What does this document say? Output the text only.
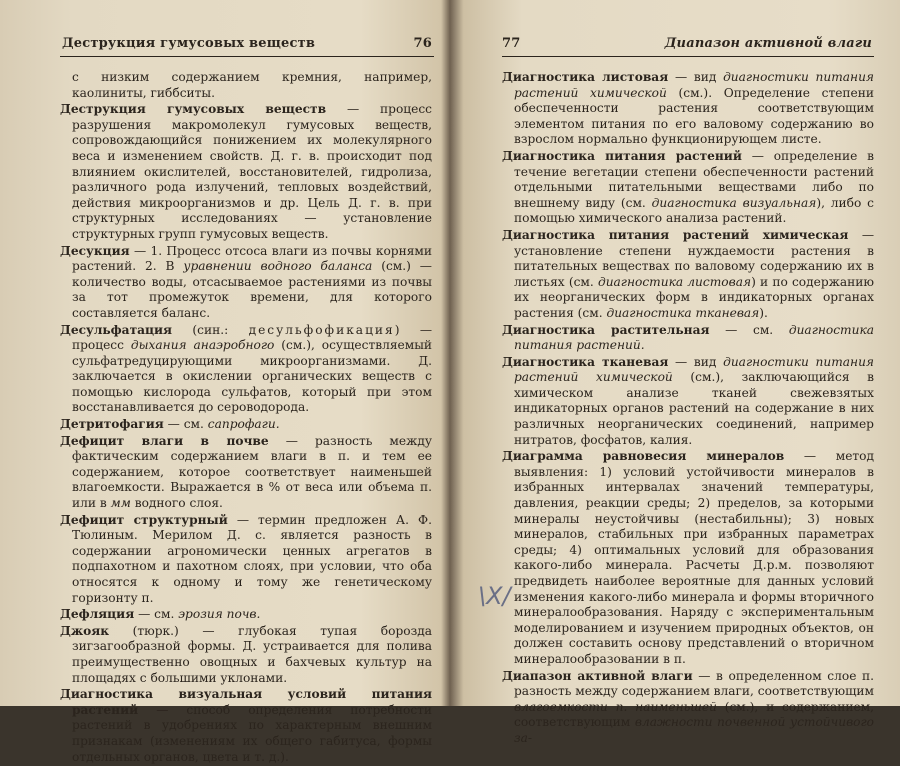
Деструкция гумусовых веществ	76

с низким содержанием кремния, например, каолиниты, гиббситы.

Деструкция гумусовых веществ — процесс разрушения макромолекул гумусовых веществ, сопровождающийся понижением их молекулярного веса и изменением свойств. Д. г. в. происходит под влиянием окислителей, восстановителей, гидролиза, различного рода излучений, тепловых воздействий, действия микроорганизмов и др. Цель Д. г. в. при структурных исследованиях — установление структурных групп гумусовых веществ.

Десукция — 1. Процесс отсоса влаги из почвы корнями растений. 2. В уравнении водного баланса (см.) — количество воды, отсасываемое растениями из почвы за тот промежуток времени, для которого составляется баланс.

Десульфатация (син.: десульфофикация) — процесс дыхания анаэробного (см.), осуществляемый сульфатредуцирующими микроорганизмами. Д. заключается в окислении органических веществ с помощью кислорода сульфатов, который при этом восстанавливается до сероводорода.

Детритофагия — см. сапрофаги.

Дефицит влаги в почве — разность между фактическим содержанием влаги в п. и тем ее содержанием, которое соответствует наименьшей влагоемкости. Выражается в % от веса или объема п. или в мм водного слоя.

Дефицит структурный — термин предложен А. Ф. Тюлиным. Мерилом Д. с. является разность в содержании агрономически ценных агрегатов в подпахотном и пахотном слоях, при условии, что оба относятся к одному и тому же генетическому горизонту п.

Дефляция — см. эрозия почв.

Джояк (тюрк.) — глубокая тупая борозда зигзагообразной формы. Д. устраивается для полива преимущественно овощных и бахчевых культур на площадях с большими уклонами.

Диагностика визуальная условий питания растений — способ определения потребности растений в удобрениях по характерным внешним признакам (изменениям их общего габитуса, формы отдельных органов, цвета и т. д.).

77	Диапазон активной влаги
\X/

Диагностика листовая — вид диагностики питания растений химической (см.). Определение степени обеспеченности растения соответствующим элементом питания по его валовому содержанию во взрослом нормально функционирующем листе.

Диагностика питания растений — определение в течение вегетации степени обеспеченности растений отдельными питательными веществами либо по внешнему виду (см. диагностика визуальная), либо с помощью химического анализа растений.

Диагностика питания растений химическая — установление степени нуждаемости растения в питательных веществах по валовому содержанию их в листьях (см. диагностика листовая) и по содержанию их неорганических форм в индикаторных органах растения (см. диагностика тканевая).

Диагностика растительная — см. диагностика питания растений.

Диагностика тканевая — вид диагностики питания растений химической (см.), заключающийся в химическом анализе тканей свежевзятых индикаторных органов растений на содержание в них различных неорганических соединений, например нитратов, фосфатов, калия.

Диаграмма равновесия минералов — метод выявления: 1) условий устойчивости минералов в избранных интервалах значений температуры, давления, реакции среды; 2) пределов, за которыми минералы неустойчивы (нестабильны); 3) новых минералов, стабильных при избранных параметрах среды; 4) оптимальных условий для образования какого-либо минерала. Расчеты Д.р.м. позволяют предвидеть наиболее вероятные для данных условий изменения какого-либо минерала и формы вторичного минералообразования. Наряду с экспериментальным моделированием и изучением природных объектов, он должен составить основу представлений о вторичном минералообразовании в п.

Диапазон активной влаги — в определенном слое п. разность между содержанием влаги, соответствующим влагоемкости п. наименьшей (см.), и содержанием, соответствующим влажности почвенной устойчивого за-
